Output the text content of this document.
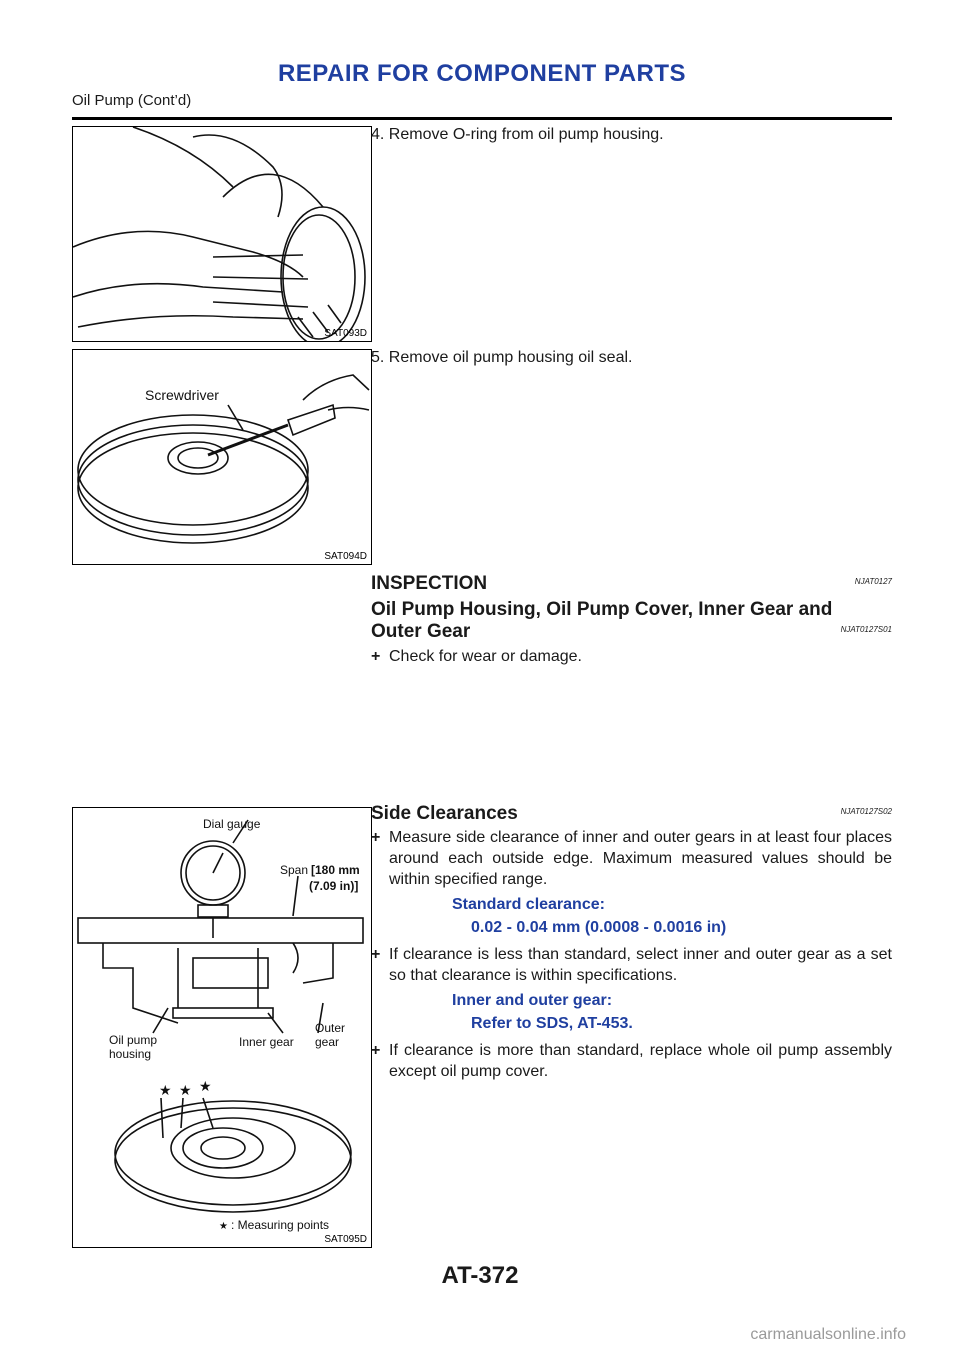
REPAIR FOR COMPONENT PARTS
Oil Pump (Cont’d)
SAT093D
4. Remove O-ring from oil pump housing.
Screwdriver
SAT094D
5. Remove oil pump housing oil seal.
INSPECTION	NJAT0127
Oil Pump Housing, Oil Pump Cover, Inner Gear and
Outer Gear	NJAT0127S01
+ Check for wear or damage.
Dial gauge
Span [180 mm
(7.09 in)]
Oil pump
housing
Inner gear
Outer
gear
★ ★ ★
★ : Measuring points
SAT095D
Side Clearances	NJAT0127S02
+ Measure side clearance of inner and outer gears in at least four places around each outside edge. Maximum measured values should be within specified range.
Standard clearance:
0.02 - 0.04 mm (0.0008 - 0.0016 in)
+ If clearance is less than standard, select inner and outer gear as a set so that clearance is within specifications.
Inner and outer gear:
Refer to SDS, AT-453.
+ If clearance is more than standard, replace whole oil pump assembly except oil pump cover.
AT-372
carmanualsonline.info
